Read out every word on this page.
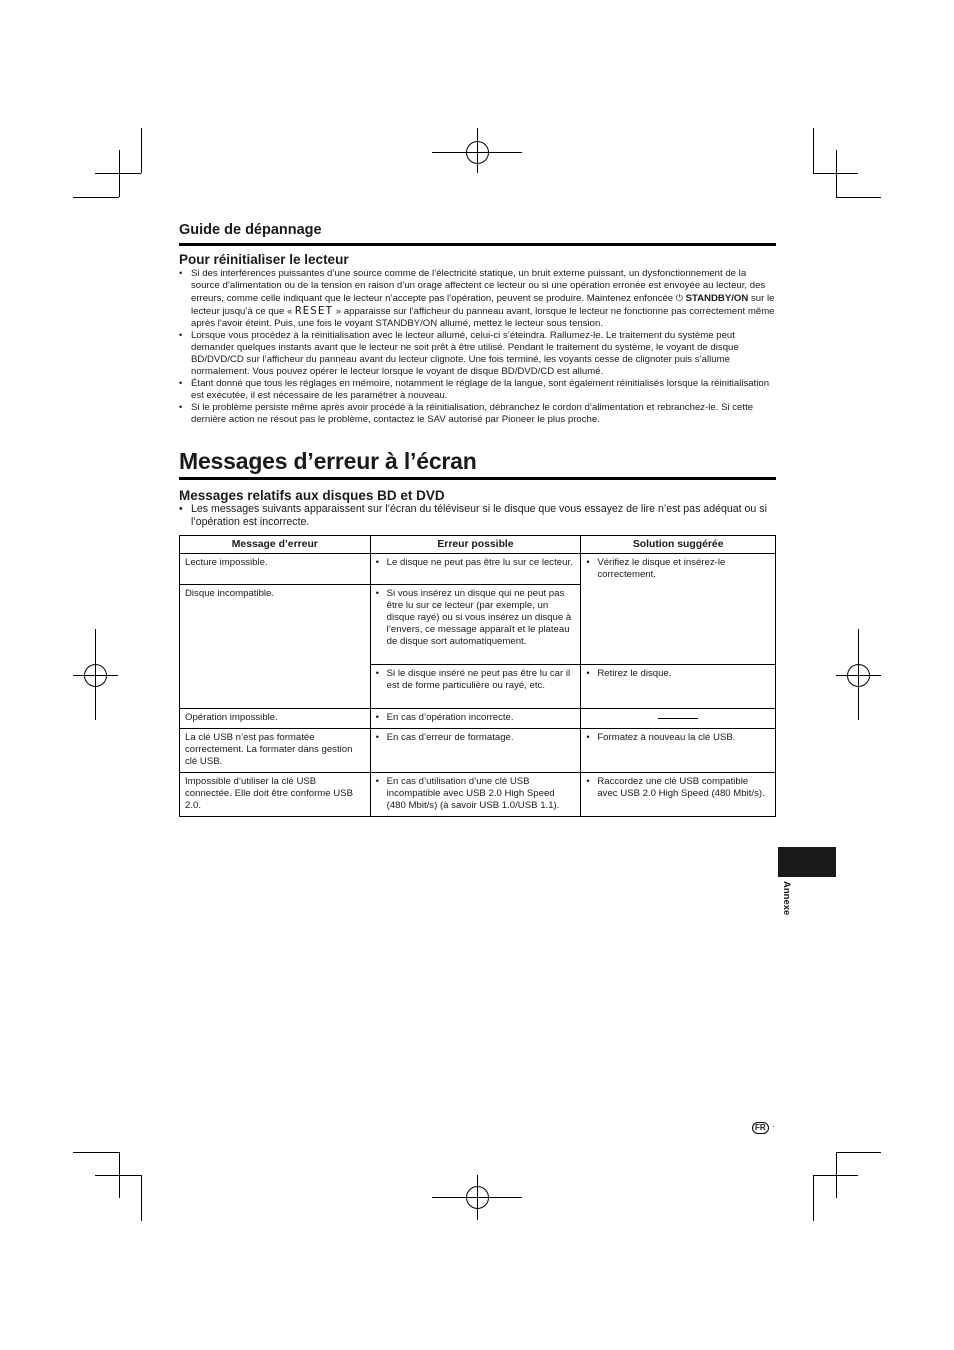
Guide de dépannage
Pour réinitialiser le lecteur
• Si des interférences puissantes d’une source comme de l’électricité statique, un bruit externe puissant, un dysfonctionnement de la source d’alimentation ou de la tension en raison d’un orage affectent ce lecteur ou si une opération erronée est envoyée au lecteur, des erreurs, comme celle indiquant que le lecteur n’accepte pas l’opération, peuvent se produire. Maintenez enfoncée ⏻ STANDBY/ON sur le lecteur jusqu’à ce que « RESET » apparaisse sur l’afficheur du panneau avant, lorsque le lecteur ne fonctionne pas correctement même après l’avoir éteint. Puis, une fois le voyant STANDBY/ON allumé, mettez le lecteur sous tension.
• Lorsque vous procédez à la réinitialisation avec le lecteur allumé, celui-ci s’éteindra. Rallumez-le. Le traitement du système peut demander quelques instants avant que le lecteur ne soit prêt à être utilisé. Pendant le traitement du système, le voyant de disque BD/DVD/CD sur l’afficheur du panneau avant du lecteur clignote. Une fois terminé, les voyants cesse de clignoter puis s’allume normalement. Vous pouvez opérer le lecteur lorsque le voyant de disque BD/DVD/CD est allumé.
• Étant donné que tous les réglages en mémoire, notamment le réglage de la langue, sont également réinitialisés lorsque la réinitialisation est exécutée, il est nécessaire de les paramétrer à nouveau.
• Si le problème persiste même après avoir procédé à la réinitialisation, débranchez le cordon d’alimentation et rebranchez-le. Si cette dernière action ne résout pas le problème, contactez le SAV autorisé par Pioneer le plus proche.
Messages d’erreur à l’écran
Messages relatifs aux disques BD et DVD
• Les messages suivants apparaissent sur l’écran du téléviseur si le disque que vous essayez de lire n’est pas adéquat ou si l’opération est incorrecte.
Message d’erreur	Erreur possible	Solution suggérée
Lecture impossible.	• Le disque ne peut pas être lu sur ce lecteur.	• Vérifiez le disque et insérez-le correctement.

Disque incompatible.	• Si vous insérez un disque qui ne peut pas être lu sur ce lecteur (par exemple, un disque rayé) ou si vous insérez un disque à l’envers, ce message apparaît et le plateau de disque sort automatiquement.

	• Si le disque inséré ne peut pas être lu car il est de forme particulière ou rayé, etc.	• Retirez le disque.

Opération impossible.	• En cas d’opération incorrecte.

La clé USB n’est pas formatée correctement. La formater dans gestion clé USB.	• En cas d’erreur de formatage.	• Formatez à nouveau la clé USB.

Impossible d’utiliser la clé USB connectée. Elle doit être conforme USB 2.0.	• En cas d’utilisation d’une clé USB incompatible avec USB 2.0 High Speed (480 Mbit/s) (à savoir USB 1.0/USB 1.1).	• Raccordez une clé USB compatible avec USB 2.0 High Speed (480 Mbit/s).
Annexe
FR ·
